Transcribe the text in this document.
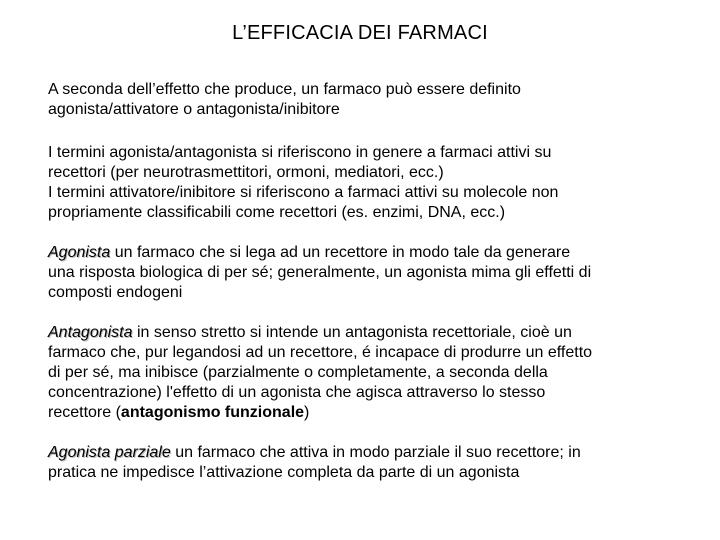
L’EFFICACIA DEI FARMACI

A seconda dell’effetto che produce, un farmaco può essere definito
agonista/attivatore o antagonista/inibitore

I termini agonista/antagonista si riferiscono in genere a farmaci attivi su
recettori (per neurotrasmettitori, ormoni, mediatori, ecc.)
I termini attivatore/inibitore si riferiscono a farmaci attivi su molecole non
propriamente classificabili come recettori (es. enzimi, DNA, ecc.)

Agonista un farmaco che si lega ad un recettore in modo tale da generare
una risposta biologica di per sé; generalmente, un agonista mima gli effetti di
composti endogeni

Antagonista in senso stretto si intende un antagonista recettoriale, cioè un
farmaco che, pur legandosi ad un recettore, é incapace di produrre un effetto
di per sé, ma inibisce (parzialmente o completamente, a seconda della
concentrazione) l'effetto di un agonista che agisca attraverso lo stesso
recettore (antagonismo funzionale)

Agonista parziale un farmaco che attiva in modo parziale il suo recettore; in
pratica ne impedisce l’attivazione completa da parte di un agonista
